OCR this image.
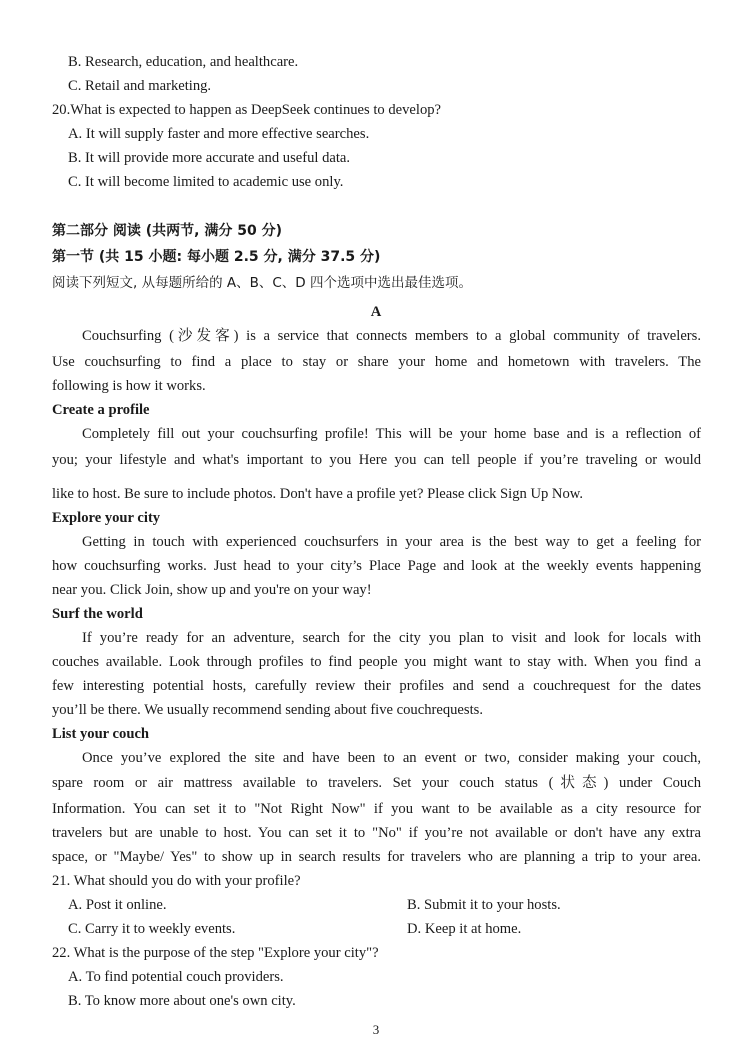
B. Research, education, and healthcare.
C. Retail and marketing.
20.What is expected to happen as DeepSeek continues to develop?
A. It will supply faster and more effective searches.
B. It will provide more accurate and useful data.
C. It will become limited to academic use only.
第二部分 阅读 (共两节, 满分 50 分)
第一节 (共 15 小题: 每小题 2.5 分, 满分 37.5 分)
阅读下列短文, 从每题所给的 A、B、C、D 四个选项中选出最佳选项。
A
Couchsurfing (沙发客) is a service that connects members to a global community of travelers.
Use couchsurfing to find a place to stay or share your home and hometown with travelers. The
following is how it works.
Create a profile
Completely fill out your couchsurfing profile! This will be your home base and is a reflection of
you; your lifestyle and what's important to you Here you can tell people if you’re traveling or would
like to host. Be sure to include photos. Don't have a profile yet? Please click Sign Up Now.
Explore your city
Getting in touch with experienced couchsurfers in your area is the best way to get a feeling for
how couchsurfing works. Just head to your city’s Place Page and look at the weekly events happening
near you. Click Join, show up and you're on your way!
Surf the world
If you’re ready for an adventure, search for the city you plan to visit and look for locals with
couches available. Look through profiles to find people you might want to stay with. When you find a
few interesting potential hosts, carefully review their profiles and send a couchrequest for the dates
you’ll be there. We usually recommend sending about five couchrequests.
List your couch
Once you’ve explored the site and have been to an event or two, consider making your couch,
spare room or air mattress available to travelers. Set your couch status (状态) under Couch
Information. You can set it to "Not Right Now" if you want to be available as a city resource for
travelers but are unable to host. You can set it to "No" if you’re not available or don't have any extra
space, or "Maybe/ Yes" to show up in search results for travelers who are planning a trip to your area.
21. What should you do with your profile?
A. Post it online.	B. Submit it to your hosts.
C. Carry it to weekly events.	D. Keep it at home.
22. What is the purpose of the step "Explore your city"?
A. To find potential couch providers.
B. To know more about one's own city.
3
